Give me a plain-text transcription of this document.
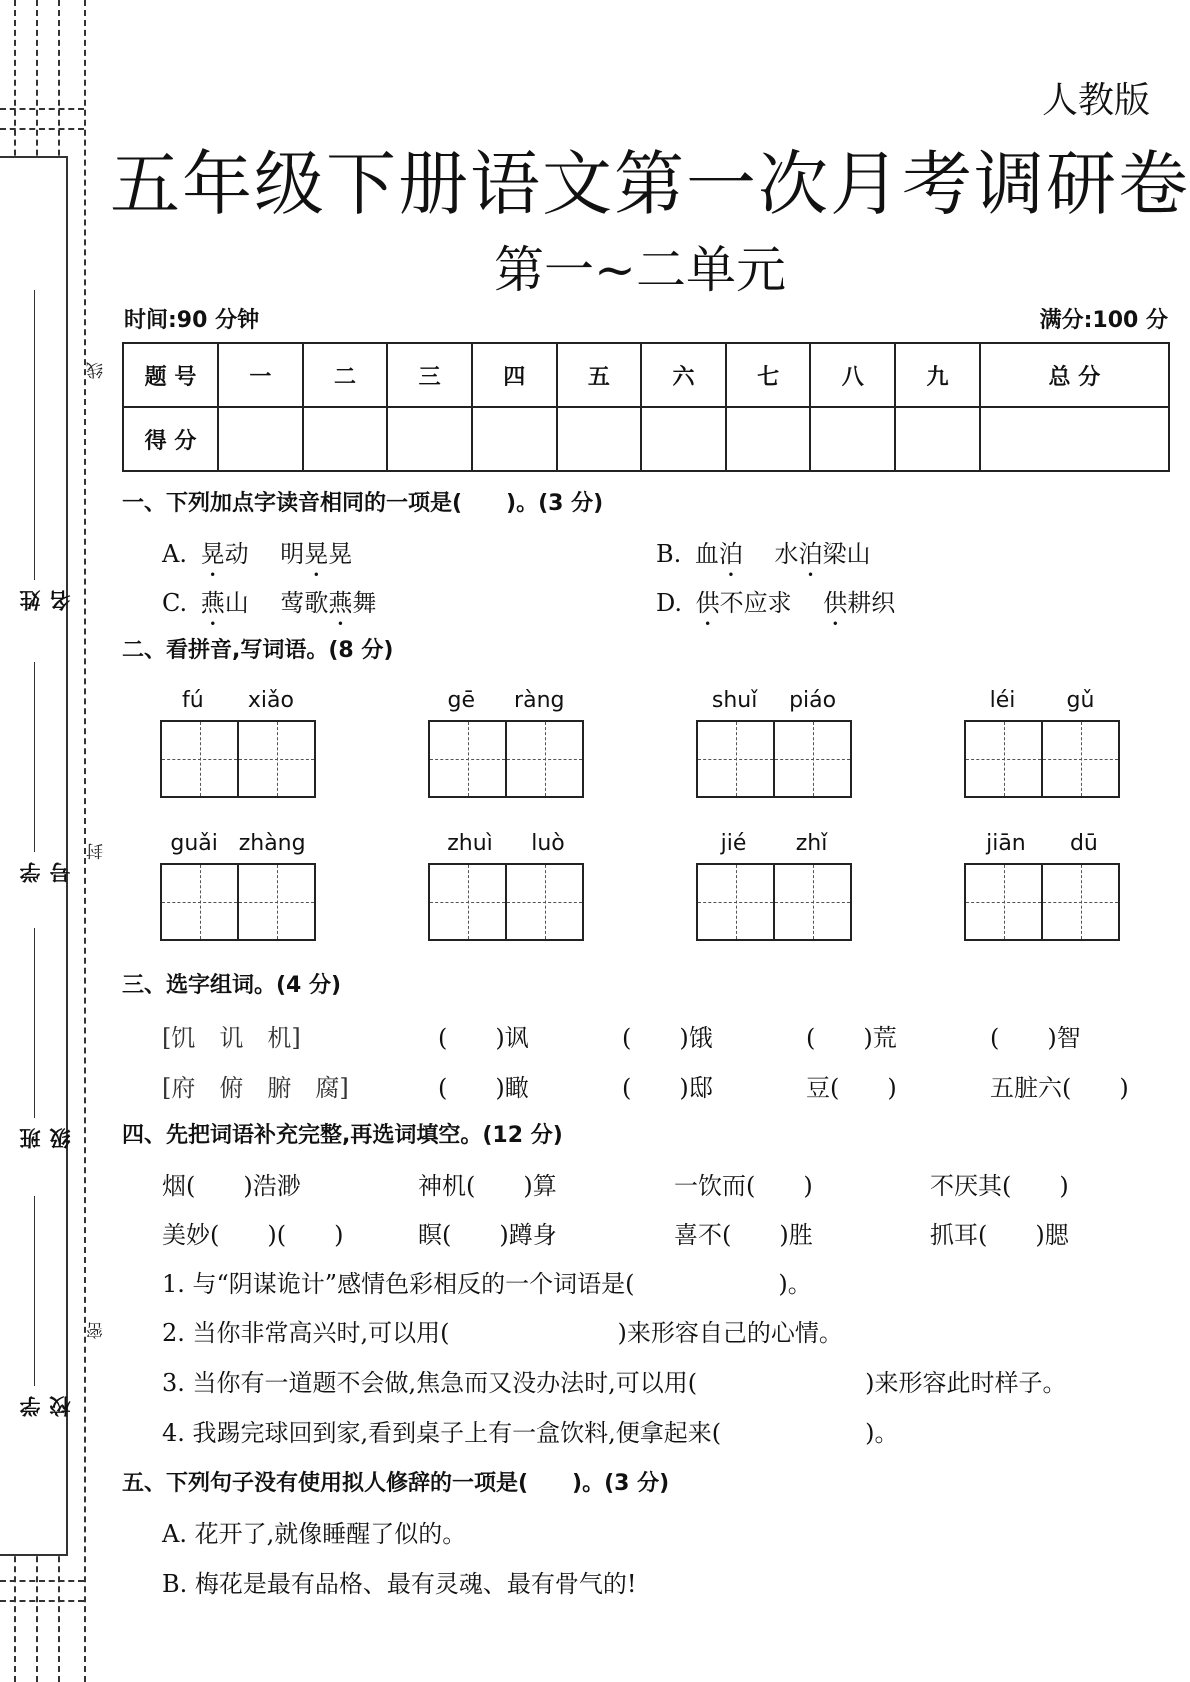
姓名
学号
班级
学校
线
封
密
人教版
五年级下册语文第一次月考调研卷
第一~二单元
时间:90 分钟	满分:100 分
题 号	一	二	三	四	五	六	七	八	九	总 分
得 分										
一、下列加点字读音相同的一项是(　　)。(3 分)
A. 晃动 明晃晃	B. 血泊 水泊梁山
C. 燕山 莺歌燕舞	D. 供不应求 供耕织
二、看拼音,写词语。(8 分)
fú xiǎo	gē ràng	shuǐ piáo	léi gǔ
guǎi zhàng	zhuì luò	jié zhǐ	jiān dū
三、选字组词。(4 分)
[饥　讥　机]	(　　)讽	(　　)饿	(　　)荒	(　　)智
[府　俯　腑　腐]	(　　)瞰	(　　)邸	豆(　　)	五脏六(　　)
四、先把词语补充完整,再选词填空。(12 分)
烟(　　)浩渺	神机(　　)算	一饮而(　　)	不厌其(　　)
美妙(　　)(　　)	瞑(　　)蹲身	喜不(　　)胜	抓耳(　　)腮
1. 与“阴谋诡计”感情色彩相反的一个词语是(　　　　　　)。
2. 当你非常高兴时,可以用(　　　　　　　)来形容自己的心情。
3. 当你有一道题不会做,焦急而又没办法时,可以用(　　　　　　　)来形容此时样子。
4. 我踢完球回到家,看到桌子上有一盒饮料,便拿起来(　　　　　　)。
五、下列句子没有使用拟人修辞的一项是(　　)。(3 分)
A. 花开了,就像睡醒了似的。
B. 梅花是最有品格、最有灵魂、最有骨气的!
